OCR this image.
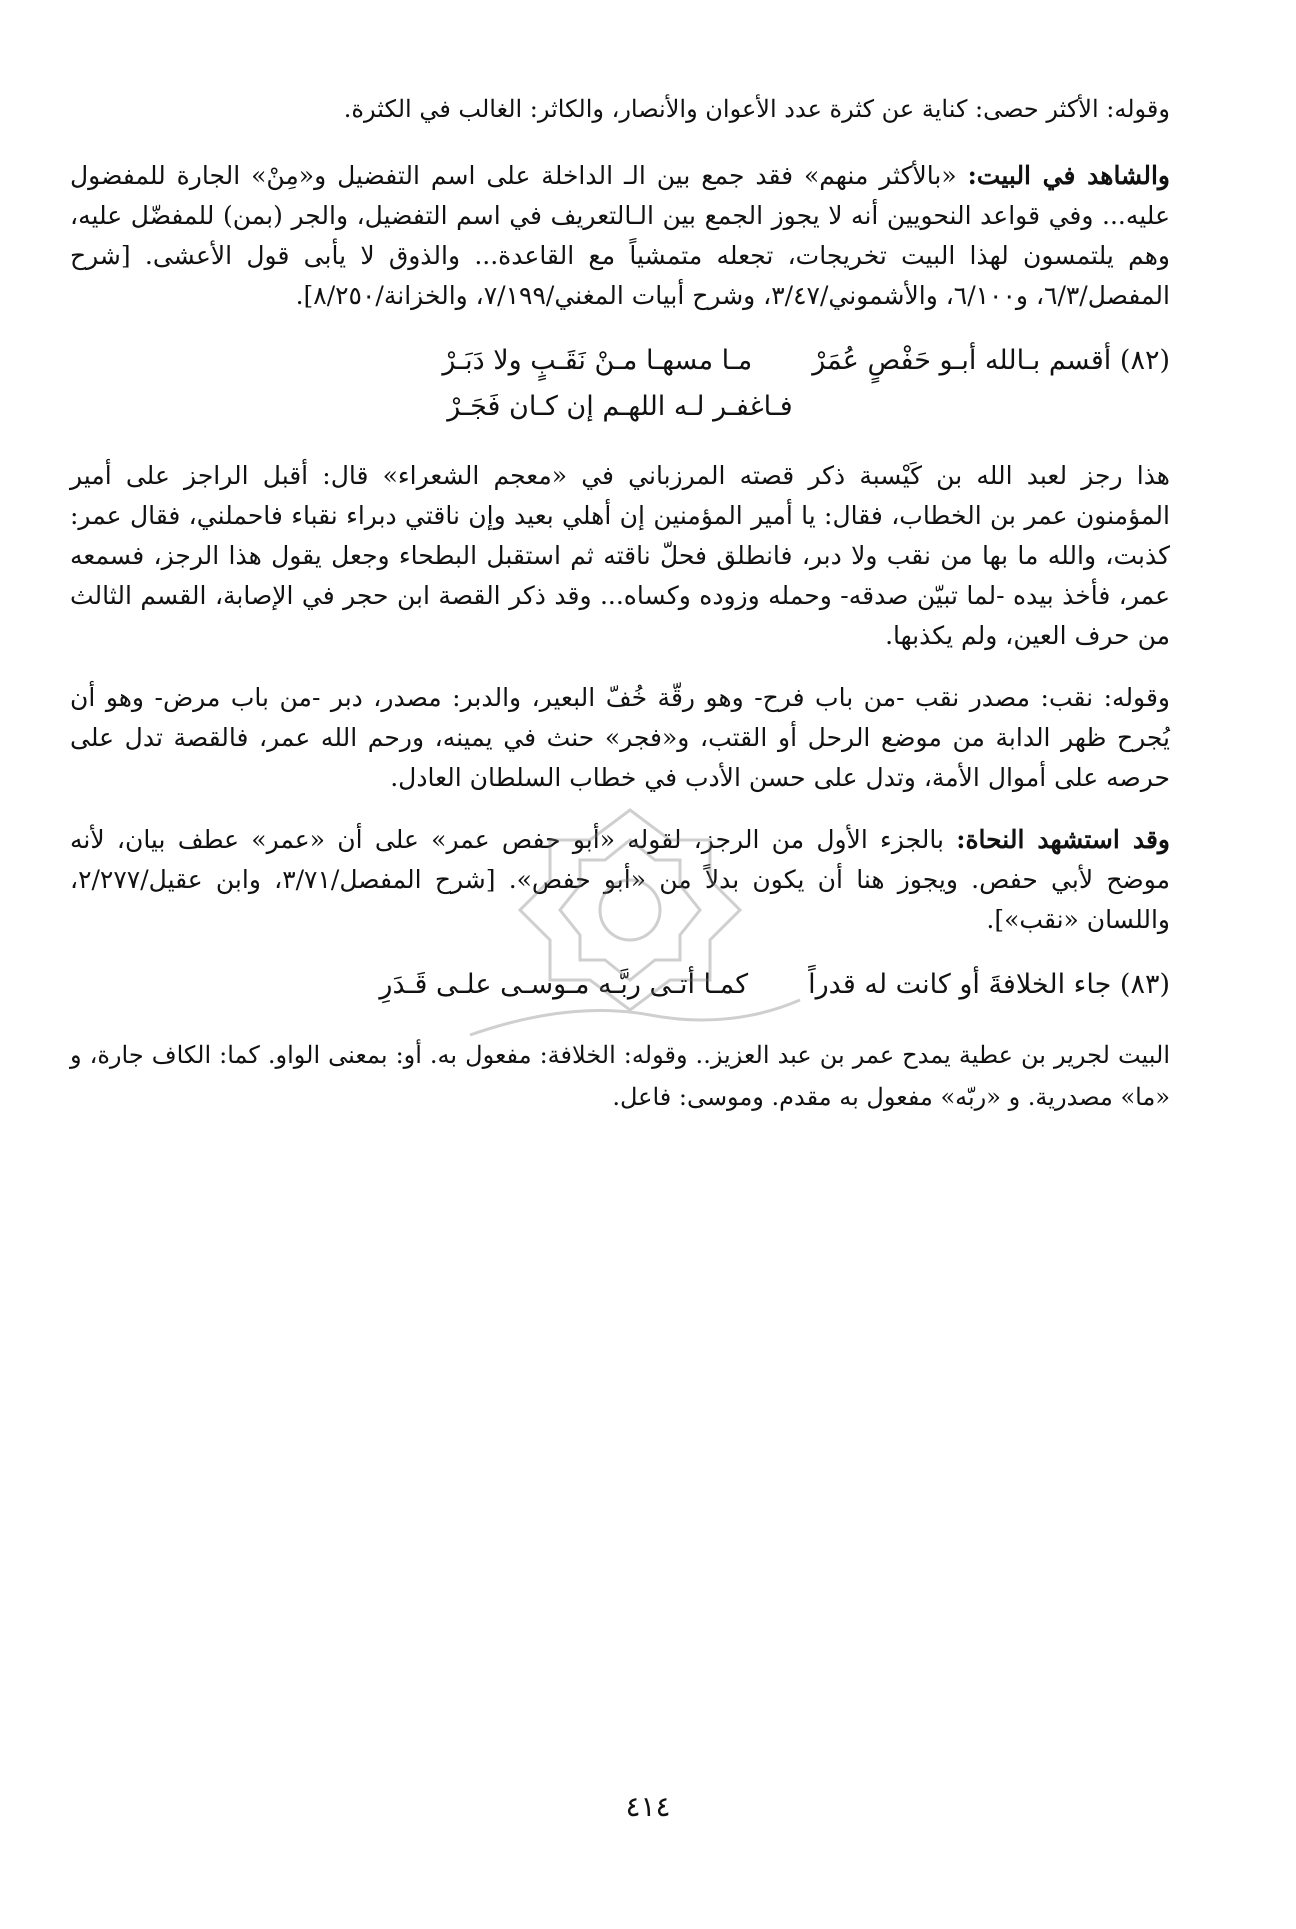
وقوله: الأكثر حصى: كناية عن كثرة عدد الأعوان والأنصار، والكاثر: الغالب في الكثرة.

والشاهد في البيت: «بالأكثر منهم» فقد جمع بين الـ الداخلة على اسم التفضيل و«مِنْ» الجارة للمفضول عليه... وفي قواعد النحويين أنه لا يجوز الجمع بين الـالتعريف في اسم التفضيل، والجر (بمن) للمفضّل عليه، وهم يلتمسون لهذا البيت تخريجات، تجعله متمشياً مع القاعدة... والذوق لا يأبى قول الأعشى. [شرح المفصل/٦/٣، و٦/١٠٠، والأشموني/٣/٤٧، وشرح أبيات المغني/٧/١٩٩، والخزانة/٨/٢٥٠].

(٨٢) أقسم بـالله أبـو حَفْصٍ عُمَرْ
مـا مسهـا مـنْ نَقَـبٍ ولا دَبَـرْ
فـاغفـر لـه اللهـم إن كـان فَجَـرْ

هذا رجز لعبد الله بن كَيْسبة ذكر قصته المرزباني في «معجم الشعراء» قال: أقبل الراجز على أمير المؤمنون عمر بن الخطاب، فقال: يا أمير المؤمنين إن أهلي بعيد وإن ناقتي دبراء نقباء فاحملني، فقال عمر: كذبت، والله ما بها من نقب ولا دبر، فانطلق فحلّ ناقته ثم استقبل البطحاء وجعل يقول هذا الرجز، فسمعه عمر، فأخذ بيده -لما تبيّن صدقه- وحمله وزوده وكساه... وقد ذكر القصة ابن حجر في الإصابة، القسم الثالث من حرف العين، ولم يكذبها.

وقوله: نقب: مصدر نقب -من باب فرح- وهو رقّة خُفّ البعير، والدبر: مصدر، دبر -من باب مرض- وهو أن يُجرح ظهر الدابة من موضع الرحل أو القتب، و«فجر» حنث في يمينه، ورحم الله عمر، فالقصة تدل على حرصه على أموال الأمة، وتدل على حسن الأدب في خطاب السلطان العادل.

وقد استشهد النحاة: بالجزء الأول من الرجز، لقوله «أبو حفص عمر» على أن «عمر» عطف بيان، لأنه موضح لأبي حفص. ويجوز هنا أن يكون بدلاً من «أبو حفص». [شرح المفصل/٣/٧١، وابن عقيل/٢/٢٧٧، واللسان «نقب»].

(٨٣) جاء الخلافةَ أو كانت له قدراً
كمـا أتـى ربَّـه مـوسـى علـى قَـدَرِ

البيت لجرير بن عطية يمدح عمر بن عبد العزيز.. وقوله: الخلافة: مفعول به. أو: بمعنى الواو. كما: الكاف جارة، و «ما» مصدرية. و «ربّه» مفعول به مقدم. وموسى: فاعل.

٤١٤
